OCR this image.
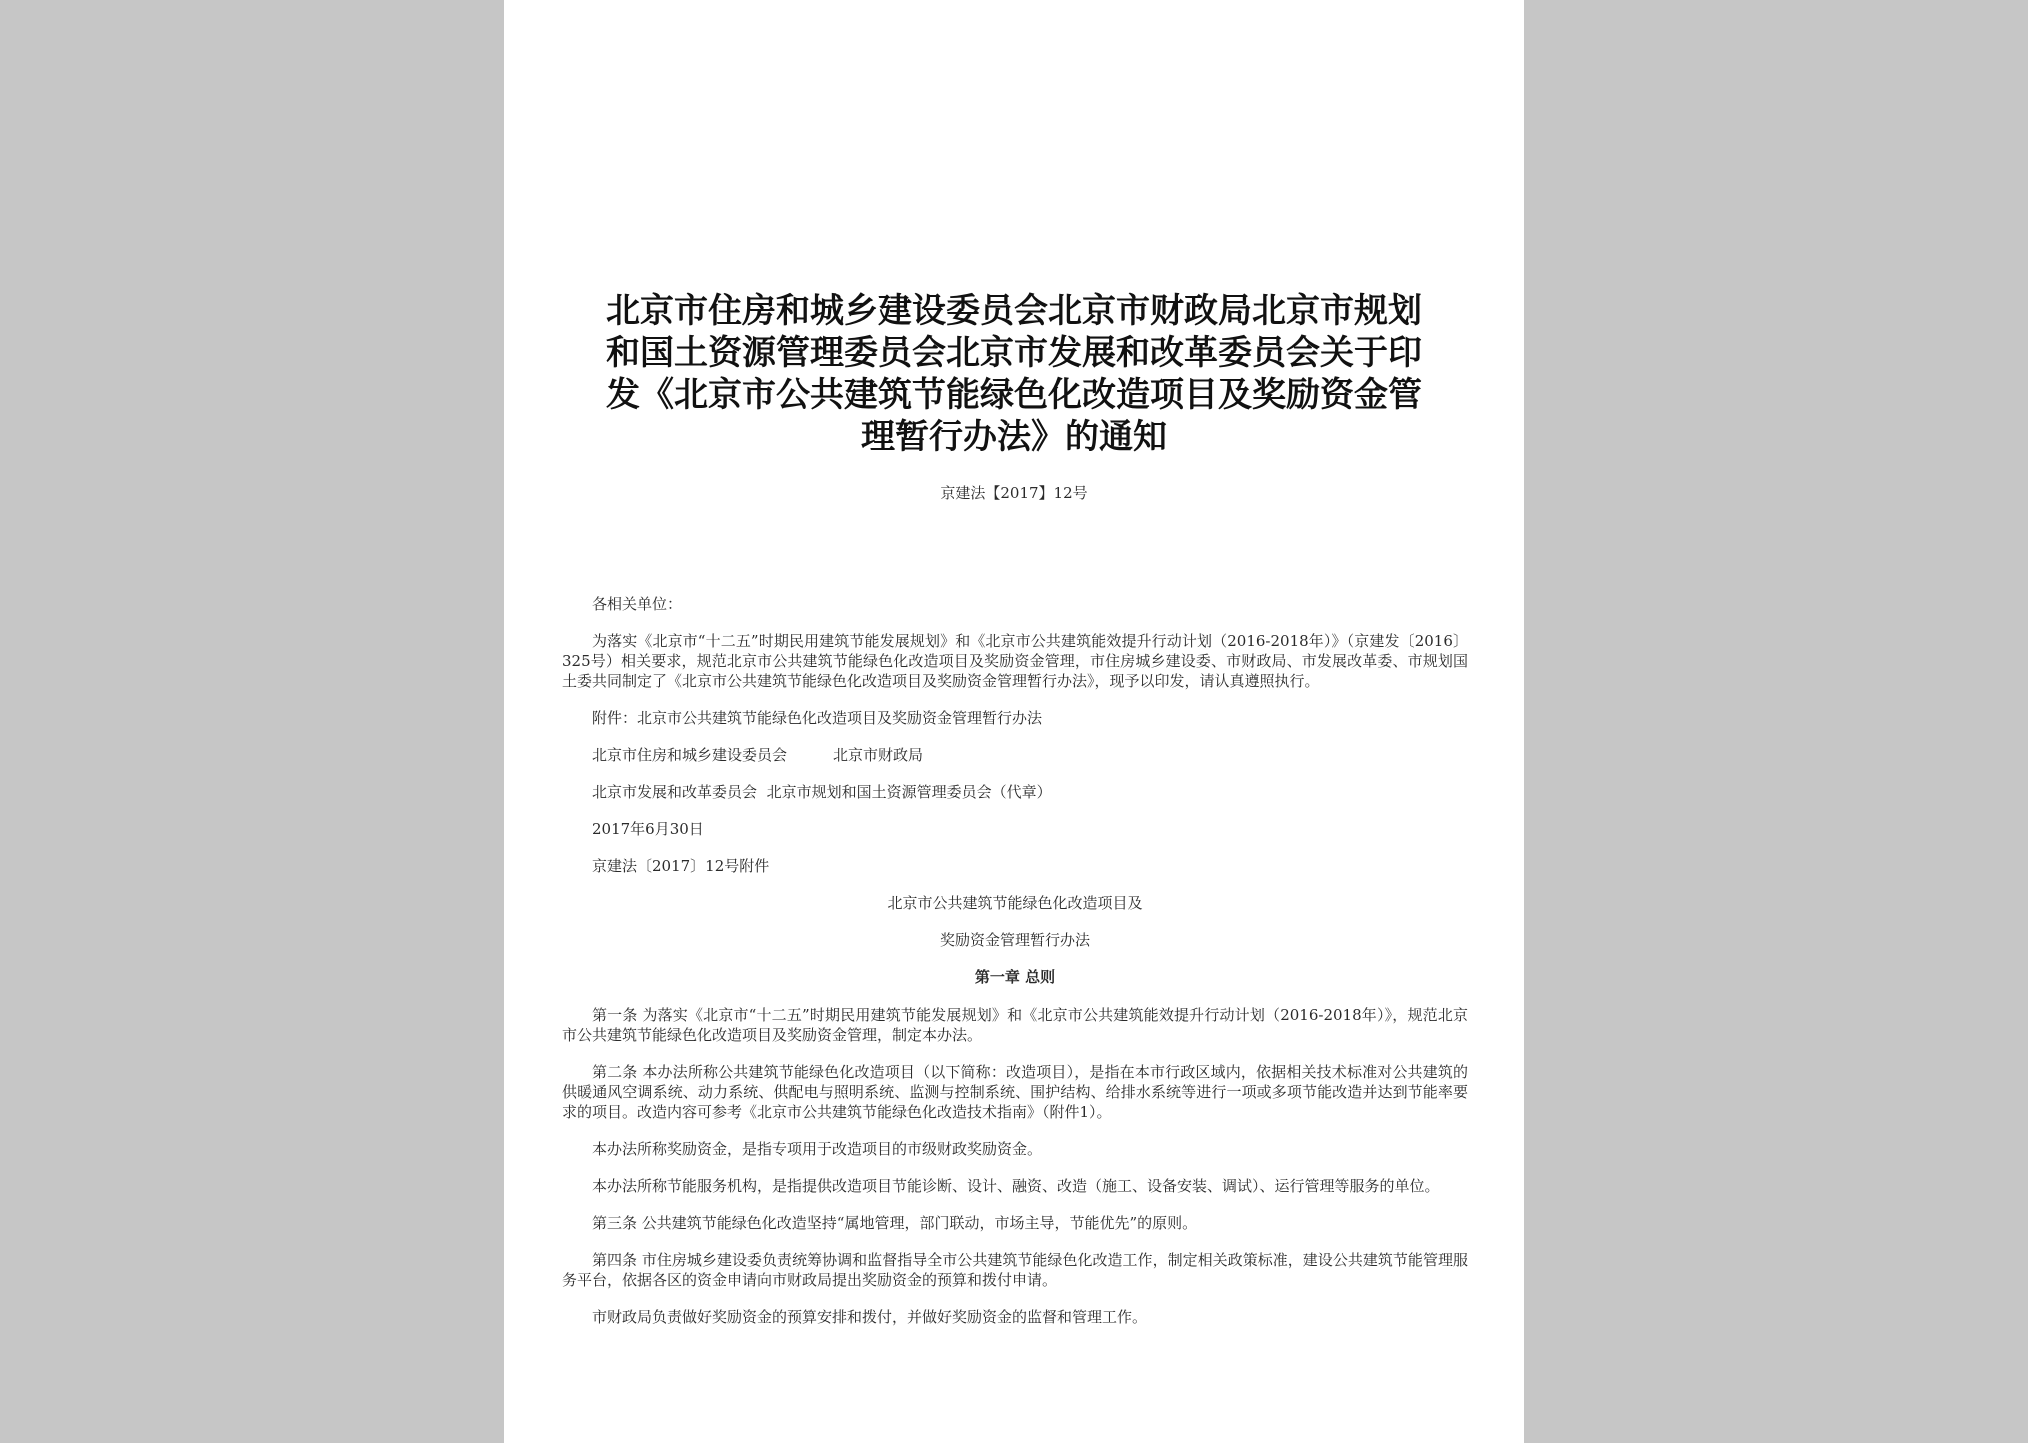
北京市住房和城乡建设委员会北京市财政局北京市规划
和国土资源管理委员会北京市发展和改革委员会关于印
发《北京市公共建筑节能绿色化改造项目及奖励资金管
理暂行办法》的通知
京建法【2017】12号

各相关单位：

为落实《北京市“十二五”时期民用建筑节能发展规划》和《北京市公共建筑能效提升行动计划（2016-2018年）》（京建发〔2016〕325号）相关要求，规范北京市公共建筑节能绿色化改造项目及奖励资金管理，市住房城乡建设委、市财政局、市发展改革委、市规划国土委共同制定了《北京市公共建筑节能绿色化改造项目及奖励资金管理暂行办法》，现予以印发，请认真遵照执行。

附件：北京市公共建筑节能绿色化改造项目及奖励资金管理暂行办法

北京市住房和城乡建设委员会	北京市财政局

北京市发展和改革委员会 北京市规划和国土资源管理委员会（代章）

2017年6月30日

京建法〔2017〕12号附件

北京市公共建筑节能绿色化改造项目及

奖励资金管理暂行办法

第一章 总则

第一条 为落实《北京市“十二五”时期民用建筑节能发展规划》和《北京市公共建筑能效提升行动计划（2016-2018年）》，规范北京市公共建筑节能绿色化改造项目及奖励资金管理，制定本办法。

第二条 本办法所称公共建筑节能绿色化改造项目（以下简称：改造项目），是指在本市行政区域内，依据相关技术标准对公共建筑的供暖通风空调系统、动力系统、供配电与照明系统、监测与控制系统、围护结构、给排水系统等进行一项或多项节能改造并达到节能率要求的项目。改造内容可参考《北京市公共建筑节能绿色化改造技术指南》（附件1）。

本办法所称奖励资金，是指专项用于改造项目的市级财政奖励资金。

本办法所称节能服务机构，是指提供改造项目节能诊断、设计、融资、改造（施工、设备安装、调试）、运行管理等服务的单位。

第三条 公共建筑节能绿色化改造坚持“属地管理，部门联动，市场主导，节能优先”的原则。

第四条 市住房城乡建设委负责统筹协调和监督指导全市公共建筑节能绿色化改造工作，制定相关政策标准，建设公共建筑节能管理服务平台，依据各区的资金申请向市财政局提出奖励资金的预算和拨付申请。

市财政局负责做好奖励资金的预算安排和拨付，并做好奖励资金的监督和管理工作。
